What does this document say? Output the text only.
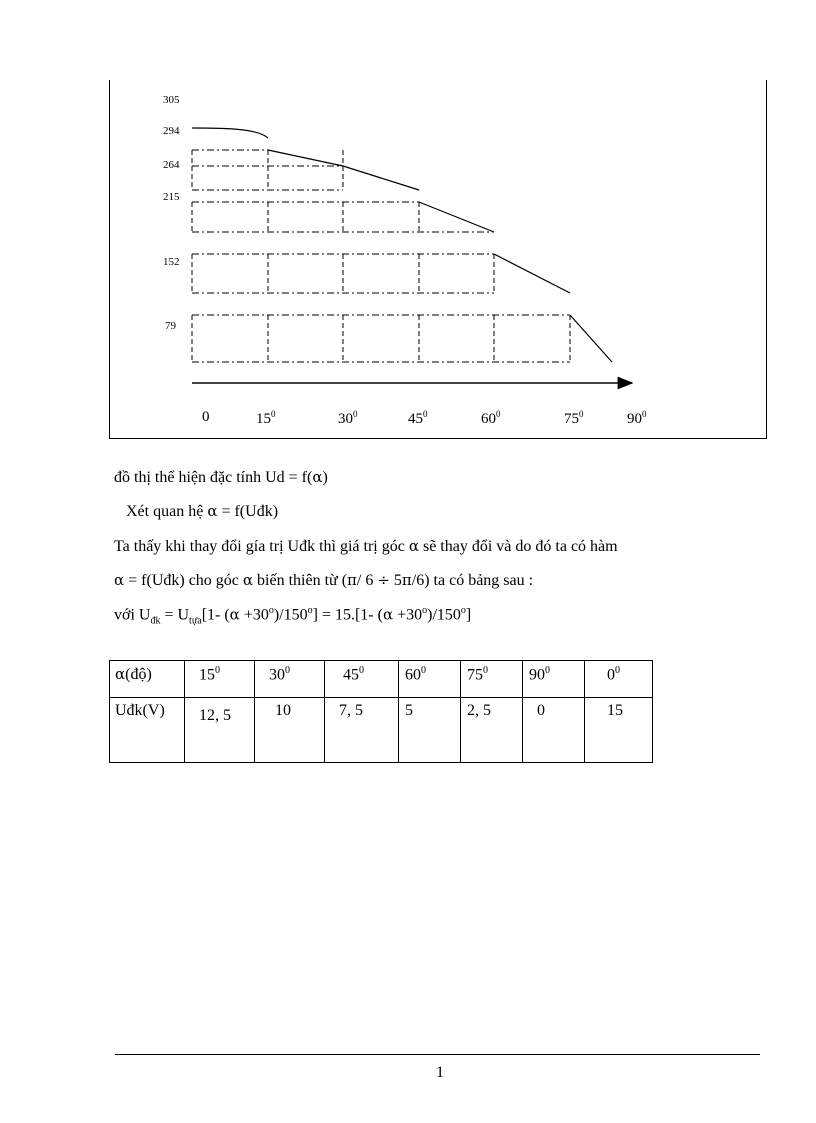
305
294
264
215
152
79
0	$15^0$	$30^0$	$45^0$	$60^0$	$75^0$	$90^0$
đồ thị thể hiện đặc tính Ud = f(α)
Xét quan hệ α = f(Uđk)
Ta thấy khi thay đổi gía trị Uđk thì giá trị góc α sẽ thay đổi và do đó ta có hàm
α = f(Uđk) cho góc α biến thiên từ (π/ 6 ÷ 5π/6) ta có bảng sau :
với $U_{đk} = U_{tựa}[1-$ $(\alpha +30^o)/150^o] = 15.[1-$ $(\alpha +30^o)/150^o$]
α(độ)	$15^0$	$30^0$	$45^0$	$60^0$	$75^0$	$90^0$	$0^0$
Uđk(V)	12, 5	10	7, 5	5	2, 5	0	15
1
